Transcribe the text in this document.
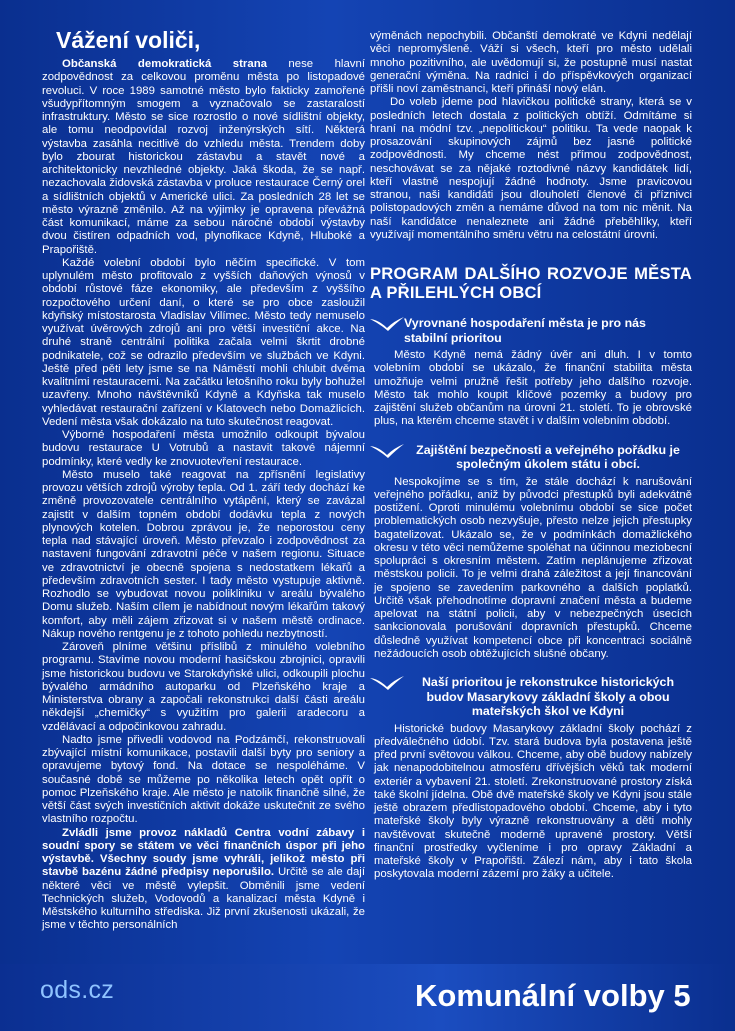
Vážení voliči,

Občanská demokratická strana nese hlavní zodpovědnost za celkovou proměnu města po listopadové revoluci. V roce 1989 samotné město bylo fakticky zamořené všudypřítomným smogem a vyznačovalo se zastaralostí infrastruktury. Město se sice rozrostlo o nové sídlištní objekty, ale tomu neodpovídal rozvoj inženýrských sítí. Některá výstavba zasáhla necitlivě do vzhledu města. Trendem doby bylo zbourat historickou zástavbu a stavět nové a architektonicky nevzhledné objekty. Jaká škoda, že se např. nezachovala židovská zástavba v proluce restaurace Černý orel a sídlištních objektů v Americké ulici. Za posledních 28 let se město výrazně změnilo. Až na výjimky je opravena převážná část komunikací, máme za sebou náročné období výstavby dvou čistíren odpadních vod, plynofikace Kdyně, Hluboké a Prapořiště.

Každé volební období bylo něčím specifické. V tom uplynulém město profitovalo z vyšších daňových výnosů v období růstové fáze ekonomiky, ale především z vyššího rozpočtového určení daní, o které se pro obce zasloužil kdyňský místostarosta Vladislav Vilímec. Město tedy nemuselo využívat úvěrových zdrojů ani pro větší investiční akce. Na druhé straně centrální politika začala velmi škrtit drobné podnikatele, což se odrazilo především ve službách ve Kdyni. Ještě před pěti lety jsme se na Náměstí mohli chlubit dvěma kvalitními restauracemi. Na začátku letošního roku byly bohužel uzavřeny. Mnoho návštěvníků Kdyně a Kdyňska tak muselo vyhledávat restaurační zařízení v Klatovech nebo Domažlicích. Vedení města však dokázalo na tuto skutečnost reagovat.

Výborné hospodaření města umožnilo odkoupit bývalou budovu restaurace U Votrubů a nastavit takové nájemní podmínky, které vedly ke znovuotevření restaurace.

Město muselo také reagovat na zpřísnění legislativy provozu větších zdrojů výroby tepla. Od 1. září tedy dochází ke změně provozovatele centrálního vytápění, který se zavázal zajistit v dalším topném období dodávku tepla z nových plynových kotelen. Dobrou zprávou je, že neporostou ceny tepla nad stávající úroveň. Město převzalo i zodpovědnost za nastavení fungování zdravotní péče v našem regionu. Situace ve zdravotnictví je obecně spojena s nedostatkem lékařů a především zdravotních sester. I tady město vystupuje aktivně. Rozhodlo se vybudovat novou polikliniku v areálu bývalého Domu služeb. Naším cílem je nabídnout novým lékařům takový komfort, aby měli zájem zřizovat si v našem městě ordinace. Nákup nového rentgenu je z tohoto pohledu nezbytností.

Zároveň plníme většinu příslibů z minulého volebního programu. Stavíme novou moderní hasičskou zbrojnici, opravili jsme historickou budovu ve Starokdyňské ulici, odkoupili plochu bývalého armádního autoparku od Plzeňského kraje a Ministerstva obrany a započali rekonstrukci další části areálu někdejší „chemičky“ s využitím pro galerii aradecoru a vzdělávací a odpočinkovou zahradu.

Nadto jsme přivedli vodovod na Podzámčí, rekonstruovali zbývající místní komunikace, postavili další byty pro seniory a opravujeme bytový fond. Na dotace se nespoléháme. V současné době se můžeme po několika letech opět opřít o pomoc Plzeňského kraje. Ale město je natolik finančně silné, že větší část svých investičních aktivit dokáže uskutečnit ze svého vlastního rozpočtu.

Zvládli jsme provoz nákladů Centra vodní zábavy i soudní spory se státem ve věci finančních úspor při jeho výstavbě. Všechny soudy jsme vyhráli, jelikož město při stavbě bazénu žádné předpisy neporušilo. Určitě se ale dají některé věci ve městě vylepšit. Obměnili jsme vedení Technických služeb, Vodovodů a kanalizací města Kdyně i Městského kulturního střediska. Již první zkušenosti ukázali, že jsme v těchto personálních

výměnách nepochybili. Občanští demokraté ve Kdyni nedělají věci nepromyšleně. Váží si všech, kteří pro město udělali mnoho pozitivního, ale uvědomují si, že postupně musí nastat generační výměna. Na radnici i do příspěvkových organizací přišli noví zaměstnanci, kteří přináší nový elán.

Do voleb jdeme pod hlavičkou politické strany, která se v posledních letech dostala z politických obtíží. Odmítáme si hraní na módní tzv. „nepolitickou“ politiku. Ta vede naopak k prosazování skupinových zájmů bez jasné politické zodpovědnosti. My chceme nést přímou zodpovědnost, neschovávat se za nějaké roztodivné názvy kandidátek lidí, kteří vlastně nespojují žádné hodnoty. Jsme pravicovou stranou, naši kandidáti jsou dlouholetí členové či příznivci polistopadových změn a nemáme důvod na tom nic měnit. Na naší kandidátce nenaleznete ani žádné přeběhlíky, kteří využívají momentálního směru větru na celostátní úrovni.

PROGRAM DALŠÍHO ROZVOJE MĚSTA A PŘILEHLÝCH OBCÍ
Vyrovnané hospodaření města je pro nás stabilní prioritou

Město Kdyně nemá žádný úvěr ani dluh. I v tomto volebním období se ukázalo, že finanční stabilita města umožňuje velmi pružně řešit potřeby jeho dalšího rozvoje. Město tak mohlo koupit klíčové pozemky a budovy pro zajištění služeb občanům na úrovni 21. století. To je obrovské plus, na kterém chceme stavět i v dalším volebním období.

Zajištění bezpečnosti a veřejného pořádku je společným úkolem státu i obcí.

Nespokojíme se s tím, že stále dochází k narušování veřejného pořádku, aniž by původci přestupků byli adekvátně postižení. Oproti minulému volebnímu období se sice počet problematických osob nezvyšuje, přesto nelze jejich přestupky bagatelizovat. Ukázalo se, že v podmínkách domažlického okresu v této věci nemůžeme spoléhat na účinnou meziobecní spolupráci s okresním městem. Zatím neplánujeme zřizovat městskou policii. To je velmi drahá záležitost a její financování je spojeno se zavedením parkovného a dalších poplatků. Určitě však přehodnotíme dopravní značení města a budeme apelovat na státní policii, aby v nebezpečných úsecích sankcionovala porušování dopravních přestupků. Chceme důsledně využívat kompetencí obce při koncentraci sociálně nežádoucích osob obtěžujících slušné občany.

Naší prioritou je rekonstrukce historických budov Masarykovy základní školy a obou mateřských škol ve Kdyni

Historické budovy Masarykovy základní školy pochází z předválečného údobí. Tzv. stará budova byla postavena ještě před první světovou válkou. Chceme, aby obě budovy nabízely jak nenapodobitelnou atmosféru dřívějších věků tak moderní exteriér a vybavení 21. století. Zrekonstruované prostory získá také školní jídelna. Obě dvě mateřské školy ve Kdyni jsou stále ještě obrazem předlistopadového období. Chceme, aby i tyto mateřské školy byly výrazně rekonstruovány a děti mohly navštěvovat skutečně moderně upravené prostory. Větší finanční prostředky vyčleníme i pro opravy Základní a mateřské školy v Prapořišti. Zálezí nám, aby i tato škola poskytovala moderní zázemí pro žáky a učitele.

ods.cz	Komunální volby 5
